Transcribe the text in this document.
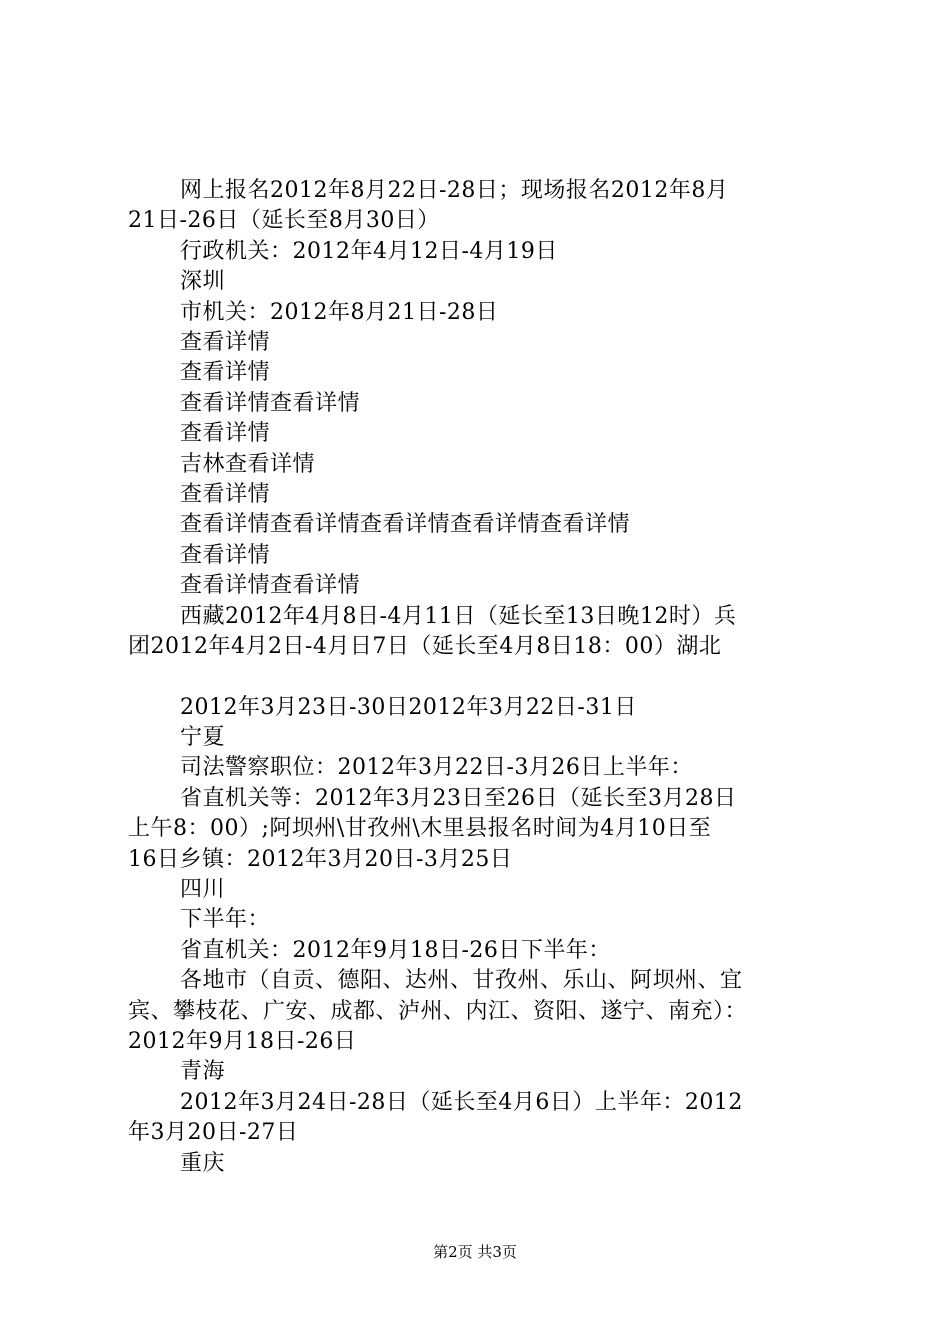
网上报名2012年8月22日-28日；现场报名2012年8月
21日-26日（延长至8月30日）
行政机关：2012年4月12日-4月19日
深圳
市机关：2012年8月21日-28日
查看详情
查看详情
查看详情查看详情
查看详情
吉林查看详情
查看详情
查看详情查看详情查看详情查看详情查看详情
查看详情
查看详情查看详情
西藏2012年4月8日-4月11日（延长至13日晚12时）兵
团2012年4月2日-4月日7日（延长至4月8日18：00）湖北
2012年3月23日-30日2012年3月22日-31日
宁夏
司法警察职位：2012年3月22日-3月26日上半年：
省直机关等：2012年3月23日至26日（延长至3月28日
上午8：00）;阿坝州\甘孜州\木里县报名时间为4月10日至
16日乡镇：2012年3月20日-3月25日
四川
下半年：
省直机关：2012年9月18日-26日下半年：
各地市（自贡、德阳、达州、甘孜州、乐山、阿坝州、宜
宾、攀枝花、广安、成都、泸州、内江、资阳、遂宁、南充）：
2012年9月18日-26日
青海
2012年3月24日-28日（延长至4月6日）上半年：2012
年3月20日-27日
重庆
第2页 共3页
